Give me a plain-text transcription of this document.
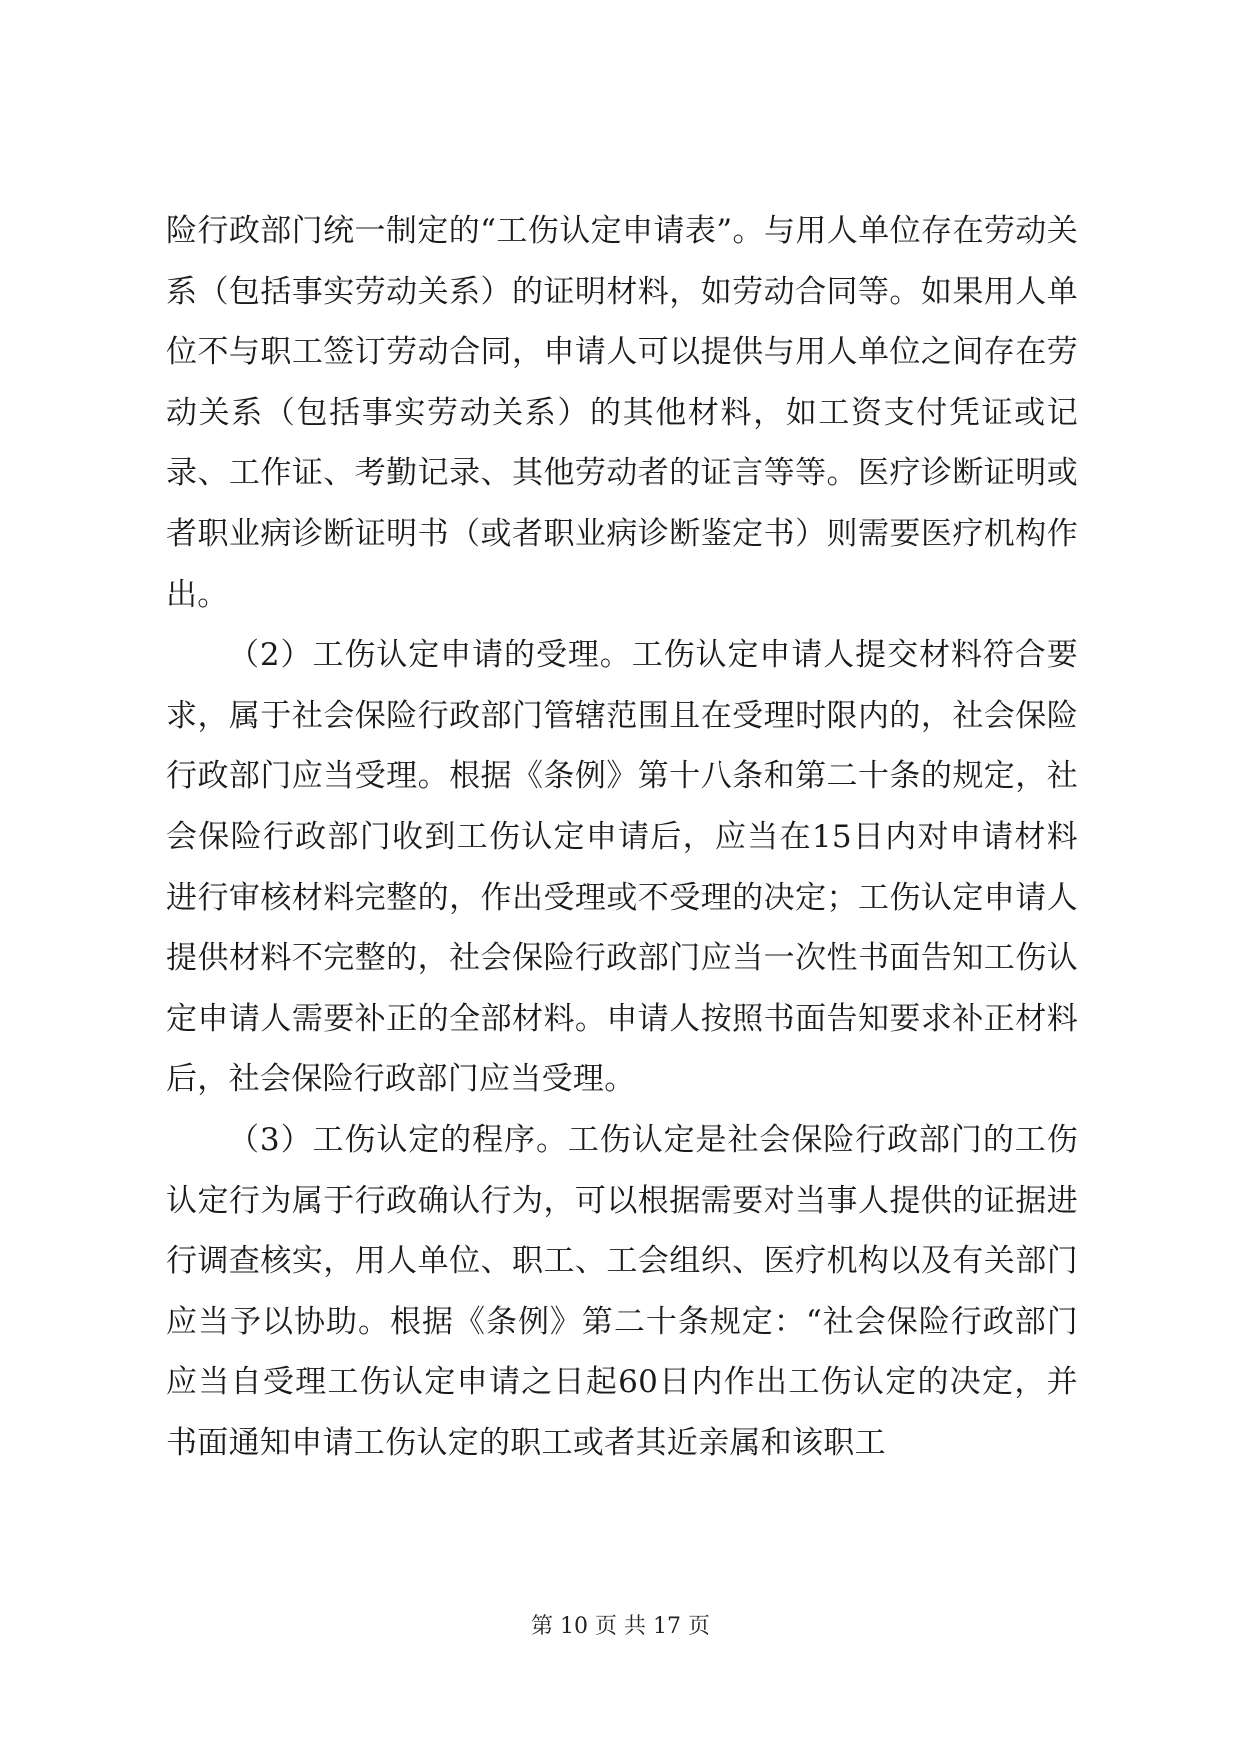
险行政部门统一制定的“工伤认定申请表”。与用人单位存在劳动关系（包括事实劳动关系）的证明材料，如劳动合同等。如果用人单位不与职工签订劳动合同，申请人可以提供与用人单位之间存在劳动关系（包括事实劳动关系）的其他材料，如工资支付凭证或记录、工作证、考勤记录、其他劳动者的证言等等。医疗诊断证明或者职业病诊断证明书（或者职业病诊断鉴定书）则需要医疗机构作出。

（2）工伤认定申请的受理。工伤认定申请人提交材料符合要求，属于社会保险行政部门管辖范围且在受理时限内的，社会保险行政部门应当受理。根据《条例》第十八条和第二十条的规定，社会保险行政部门收到工伤认定申请后，应当在15日内对申请材料进行审核材料完整的，作出受理或不受理的决定；工伤认定申请人提供材料不完整的，社会保险行政部门应当一次性书面告知工伤认定申请人需要补正的全部材料。申请人按照书面告知要求补正材料后，社会保险行政部门应当受理。

（3）工伤认定的程序。工伤认定是社会保险行政部门的工伤认定行为属于行政确认行为，可以根据需要对当事人提供的证据进行调查核实，用人单位、职工、工会组织、医疗机构以及有关部门应当予以协助。根据《条例》第二十条规定：“社会保险行政部门应当自受理工伤认定申请之日起60日内作出工伤认定的决定，并书面通知申请工伤认定的职工或者其近亲属和该职工

第 10 页 共 17 页
